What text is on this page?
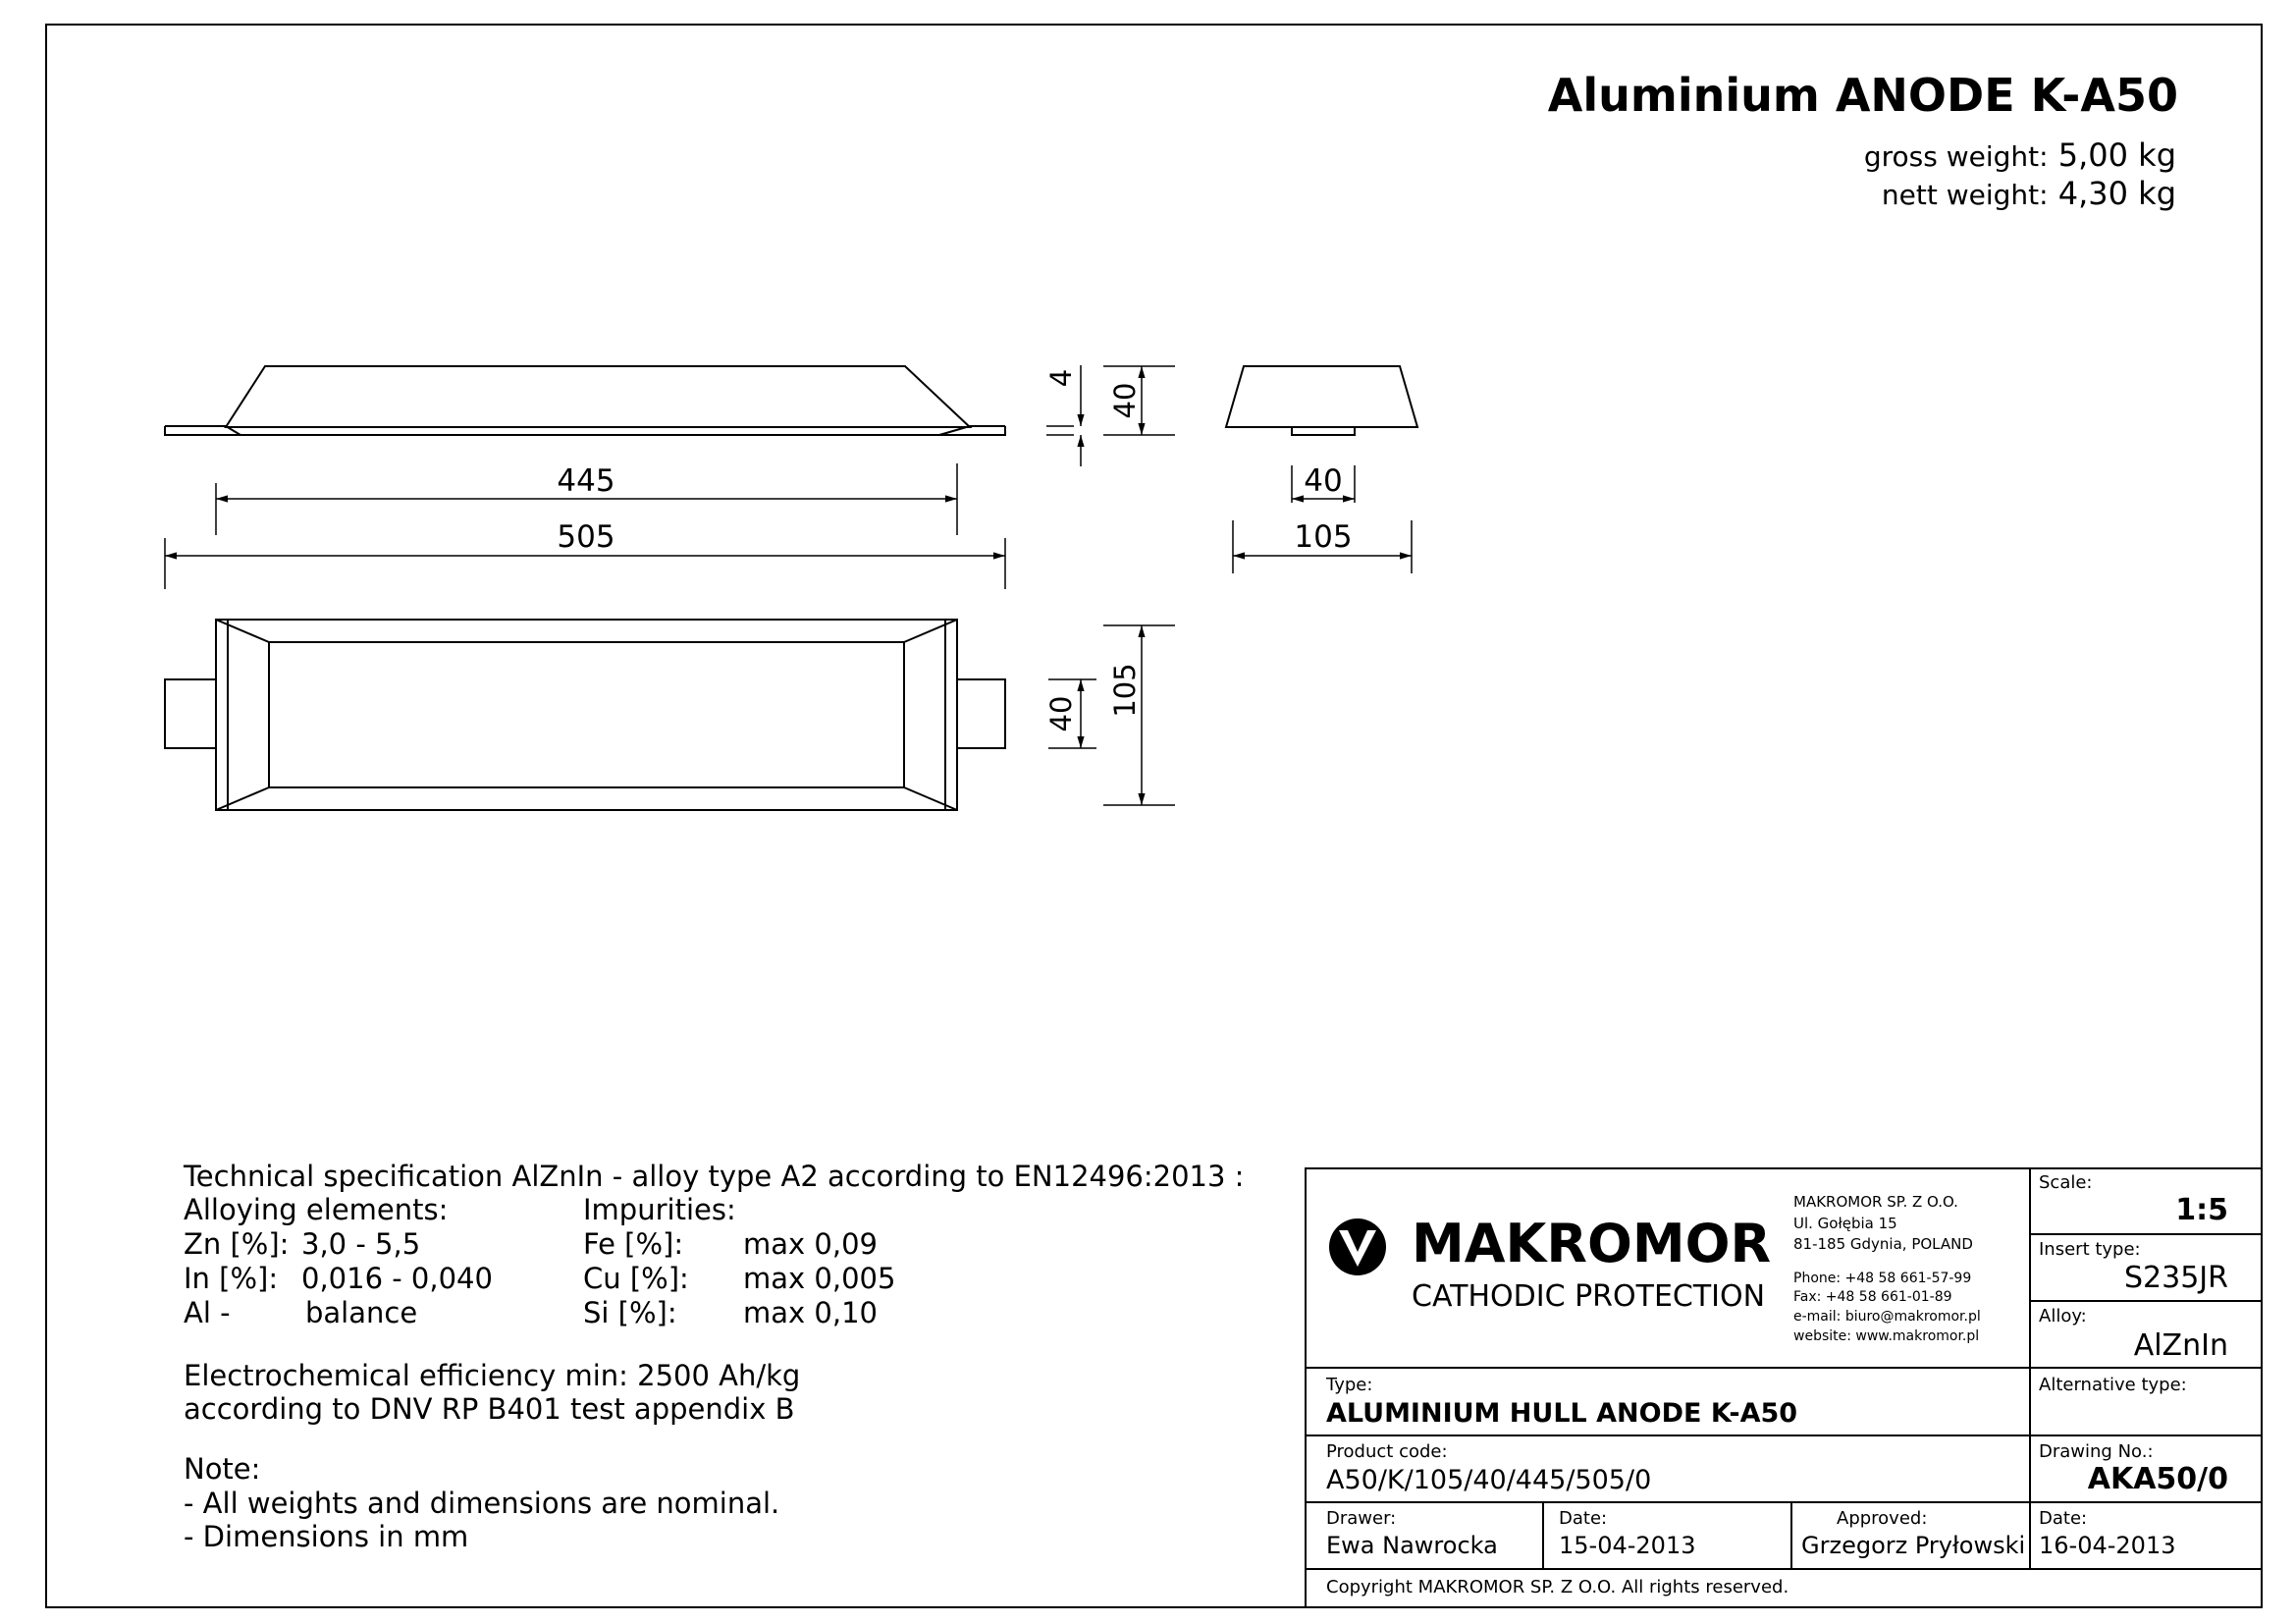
445
505
4
40
40
105
40 105
Aluminium ANODE K-A50
gross weight: 5,00 kg
nett weight: 4,30 kg
Technical specification AlZnIn - alloy type A2 according to EN12496:2013 :
Alloying elements:	Impurities:
Zn [%]: 3,0 - 5,5
In [%]: 0,016 - 0,040
Al -	balance
Fe [%]: max 0,09
Cu [%]: max 0,005
Si [%]: max 0,10
Electrochemical efficiency min: 2500 Ah/kg
according to DNV RP B401 test appendix B
Note:
- All weights and dimensions are nominal.
- Dimensions in mm
MAKROMOR
CATHODIC PROTECTION
MAKROMOR SP. Z O.O.
Ul. Gołębia 15
81-185 Gdynia, POLAND
Phone: +48 58 661-57-99
Fax: +48 58 661-01-89
e-mail: biuro@makromor.pl
website: www.makromor.pl
Scale:
1:5
Insert type:
S235JR
Alloy:
AlZnIn
Type:
ALUMINIUM HULL ANODE K-A50
Alternative type:
Product code:
A50/K/105/40/445/505/0
Drawing No.:
AKA50/0
Drawer:
Ewa Nawrocka
Date:
15-04-2013
Approved:
Grzegorz Pryłowski
Date:
16-04-2013
Copyright MAKROMOR SP. Z O.O. All rights reserved.
